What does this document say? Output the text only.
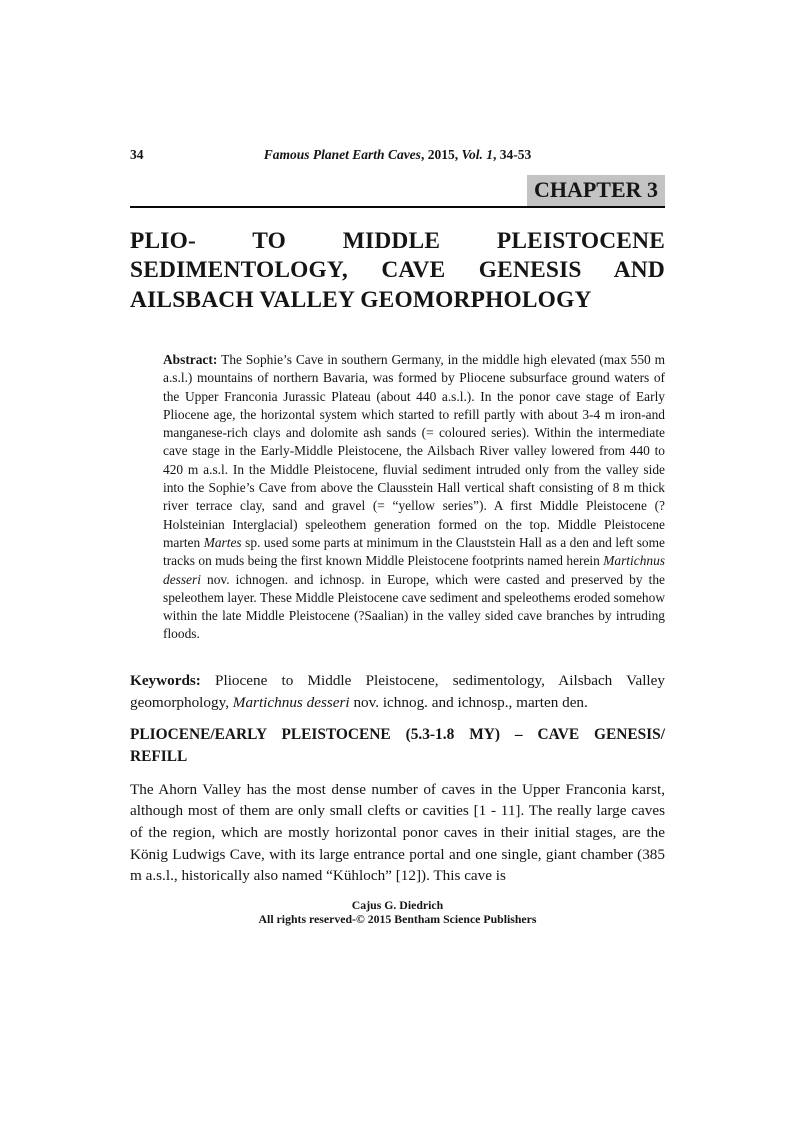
34	Famous Planet Earth Caves, 2015, Vol. 1, 34-53
CHAPTER 3
PLIO- TO MIDDLE PLEISTOCENE SEDIMENTOLOGY, CAVE GENESIS AND AILSBACH VALLEY GEOMORPHOLOGY
Abstract: The Sophie’s Cave in southern Germany, in the middle high elevated (max 550 m a.s.l.) mountains of northern Bavaria, was formed by Pliocene subsurface ground waters of the Upper Franconia Jurassic Plateau (about 440 a.s.l.). In the ponor cave stage of Early Pliocene age, the horizontal system which started to refill partly with about 3-4 m iron-and manganese-rich clays and dolomite ash sands (= coloured series). Within the intermediate cave stage in the Early-Middle Pleistocene, the Ailsbach River valley lowered from 440 to 420 m a.s.l. In the Middle Pleistocene, fluvial sediment intruded only from the valley side into the Sophie’s Cave from above the Clausstein Hall vertical shaft consisting of 8 m thick river terrace clay, sand and gravel (= “yellow series”). A first Middle Pleistocene (?Holsteinian Interglacial) speleothem generation formed on the top. Middle Pleistocene marten Martes sp. used some parts at minimum in the Clauststein Hall as a den and left some tracks on muds being the first known Middle Pleistocene footprints named herein Martichnus desseri nov. ichnogen. and ichnosp. in Europe, which were casted and preserved by the speleothem layer. These Middle Pleistocene cave sediment and speleothems eroded somehow within the late Middle Pleistocene (?Saalian) in the valley sided cave branches by intruding floods.
Keywords: Pliocene to Middle Pleistocene, sedimentology, Ailsbach Valley geomorphology, Martichnus desseri nov. ichnog. and ichnosp., marten den.
PLIOCENE/EARLY PLEISTOCENE (5.3-1.8 MY) – CAVE GENESIS/
REFILL
The Ahorn Valley has the most dense number of caves in the Upper Franconia karst, although most of them are only small clefts or cavities [1 - 11]. The really large caves of the region, which are mostly horizontal ponor caves in their initial stages, are the König Ludwigs Cave, with its large entrance portal and one single, giant chamber (385 m a.s.l., historically also named “Kühloch” [12]). This cave is
Cajus G. Diedrich
All rights reserved-© 2015 Bentham Science Publishers
